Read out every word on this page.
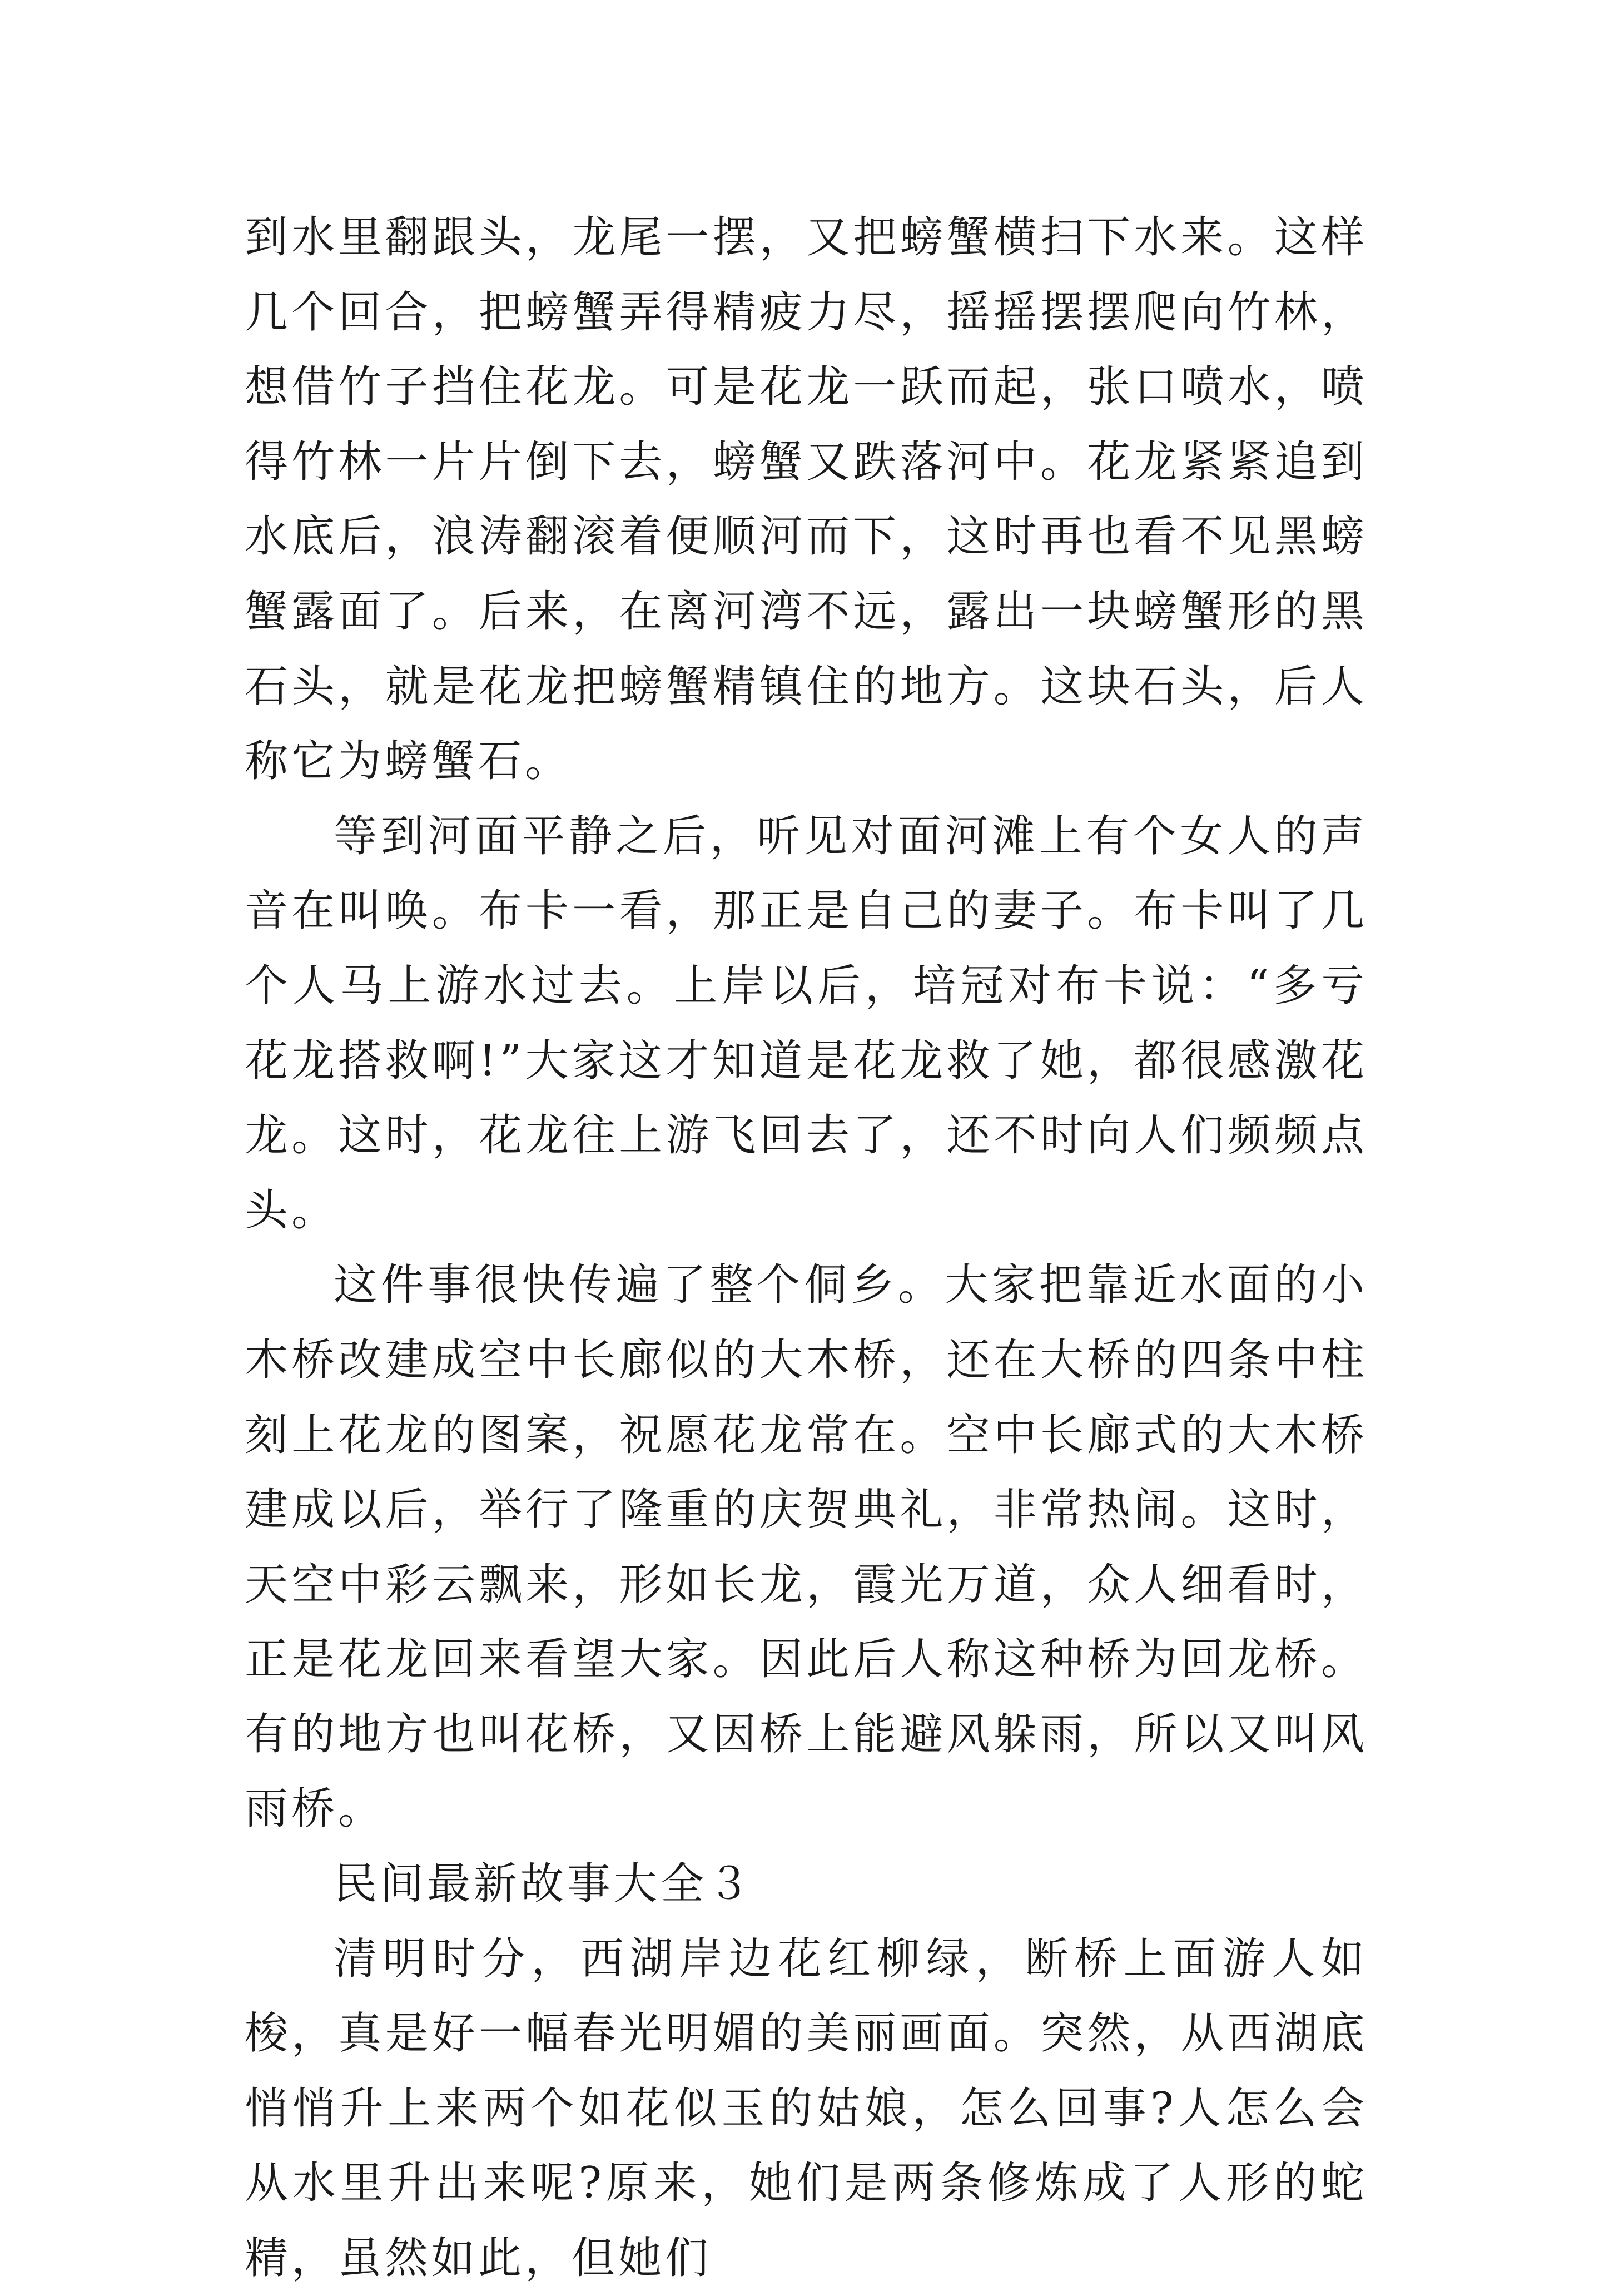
到水里翻跟头，龙尾一摆，又把螃蟹横扫下水来。这样几个回合，把螃蟹弄得精疲力尽，摇摇摆摆爬向竹林，想借竹子挡住花龙。可是花龙一跃而起，张口喷水，喷得竹林一片片倒下去，螃蟹又跌落河中。花龙紧紧追到水底后，浪涛翻滚着便顺河而下，这时再也看不见黑螃蟹露面了。后来，在离河湾不远，露出一块螃蟹形的黑石头，就是花龙把螃蟹精镇住的地方。这块石头，后人称它为螃蟹石。

等到河面平静之后，听见对面河滩上有个女人的声音在叫唤。布卡一看，那正是自己的妻子。布卡叫了几个人马上游水过去。上岸以后，培冠对布卡说：“多亏花龙搭救啊!”大家这才知道是花龙救了她，都很感激花龙。这时，花龙往上游飞回去了，还不时向人们频频点头。

这件事很快传遍了整个侗乡。大家把靠近水面的小木桥改建成空中长廊似的大木桥，还在大桥的四条中柱刻上花龙的图案，祝愿花龙常在。空中长廊式的大木桥建成以后，举行了隆重的庆贺典礼，非常热闹。这时，天空中彩云飘来，形如长龙，霞光万道，众人细看时，正是花龙回来看望大家。因此后人称这种桥为回龙桥。有的地方也叫花桥，又因桥上能避风躲雨，所以又叫风雨桥。

民间最新故事大全３

清明时分，西湖岸边花红柳绿，断桥上面游人如梭，真是好一幅春光明媚的美丽画面。突然，从西湖底悄悄升上来两个如花似玉的姑娘，怎么回事?人怎么会从水里升出来呢?原来，她们是两条修炼成了人形的蛇精，虽然如此，但她们
